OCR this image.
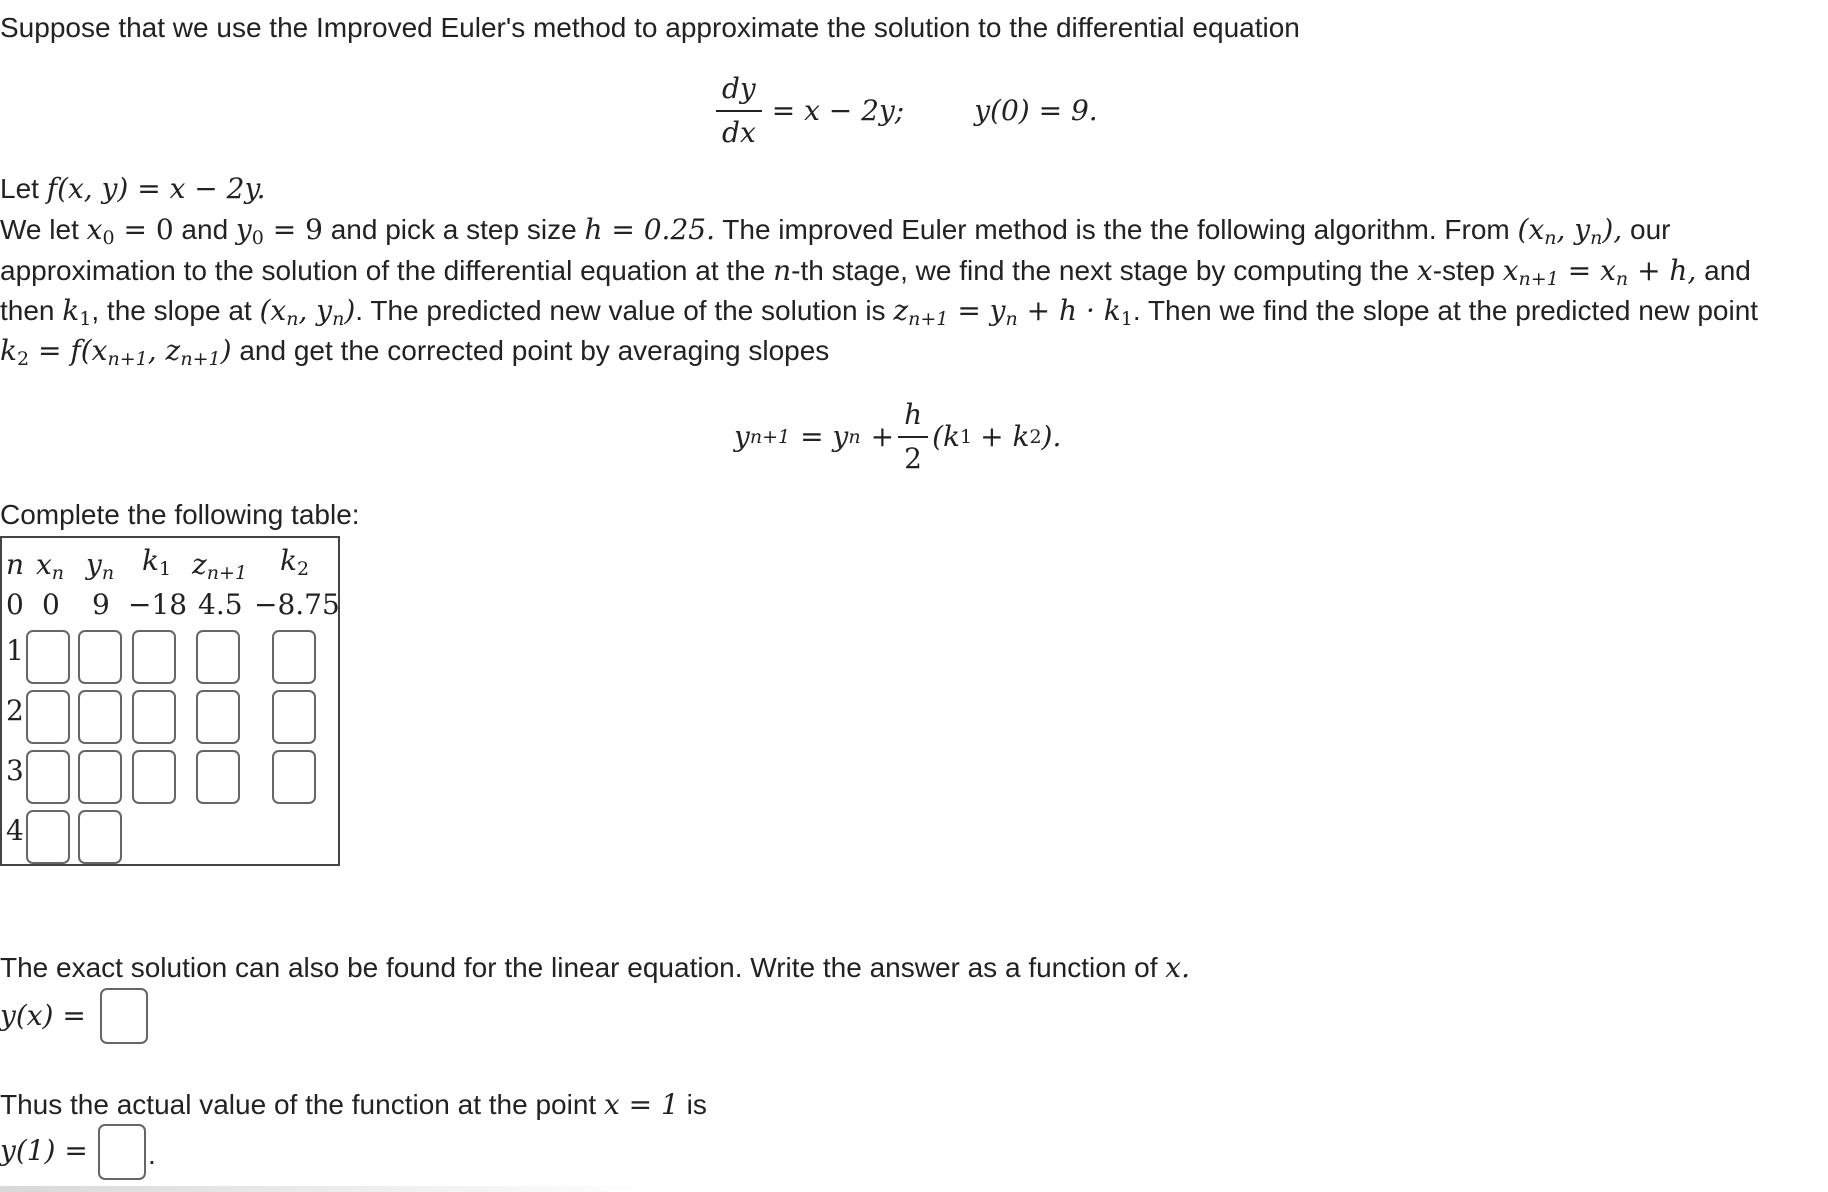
Suppose that we use the Improved Euler's method to approximate the solution to the differential equation
$\frac{dy}{dx} = x - 2y$;	y(0) = 9.
Let f(x, y) = x − 2y.
We let $x_0 = 0$ and $y_0 = 9$ and pick a step size h = 0.25. The improved Euler method is the the following algorithm. From ($x_n$, $y_n$), our
approximation to the solution of the differential equation at the n-th stage, we find the next stage by computing the x-step $x_{n+1} = x_n + h$, and
then $k_1$, the slope at ($x_n$, $y_n$). The predicted new value of the solution is $z_{n+1} = y_n + h \cdot k_1$. Then we find the slope at the predicted new point
$k_2 = f(x_{n+1}$, $z_{n+1}$) and get the corrected point by averaging slopes
y n+1 = y $n + \frac{h}{2} (k$ 1 + k 2 ).
Complete the following table:
n $x_n$ $y_n$ $k_1$ $z_{n+1}$ $k_2$
0 0 9 −18 4.5 −8.75
1
2
3
4
The exact solution can also be found for the linear equation. Write the answer as a function of x.
y(x) =
Thus the actual value of the function at the point x = 1 is
y(1) = .
